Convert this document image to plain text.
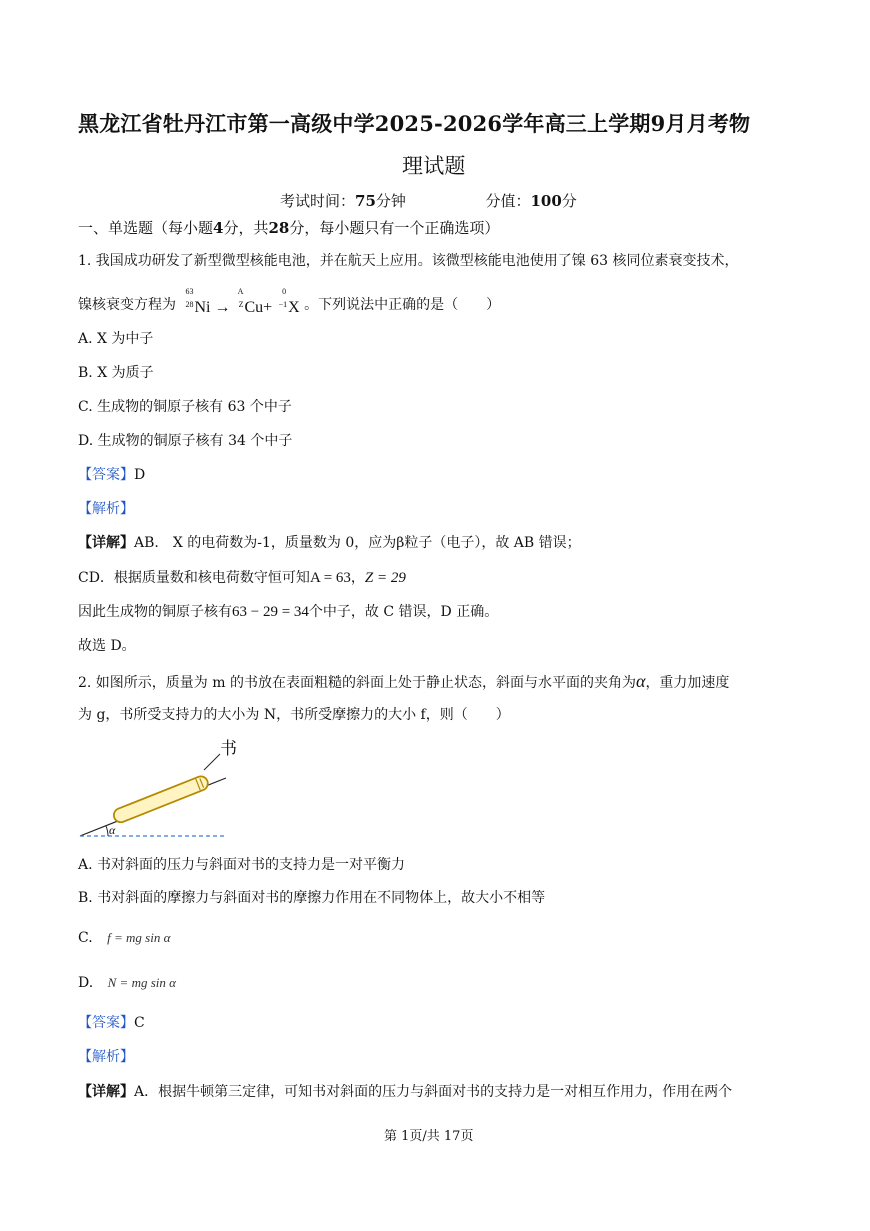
黑龙江省牡丹江市第一高级中学2025-2026学年高三上学期9月月考物
理试题
考试时间：75分钟	分值：100分
一、单选题（每小题4分，共28分，每小题只有一个正确选项）
1. 我国成功研发了新型微型核能电池，并在航天上应用。该微型核能电池使用了镍 63 核同位素衰变技术，
镍核衰变方程为
63
28 Ni →
A
Z Cu+
0
−1 X 。下列说法中正确的是（　　）
A. X 为中子
B. X 为质子
C. 生成物的铜原子核有 63 个中子
D. 生成物的铜原子核有 34 个中子
【答案】D
【解析】
【详解】AB.　X 的电荷数为-1，质量数为 0，应为β粒子（电子），故 AB 错误；
CD．根据质量数和核电荷数守恒可知A = 63，Z = 29
因此生成物的铜原子核有63 − 29 = 34个中子，故 C 错误，D 正确。
故选 D。
2. 如图所示，质量为 m 的书放在表面粗糙的斜面上处于静止状态，斜面与水平面的夹角为α，重力加速度
为 g，书所受支持力的大小为 N，书所受摩擦力的大小 f，则（　　）
书
α
A. 书对斜面的压力与斜面对书的支持力是一对平衡力
B. 书对斜面的摩擦力与斜面对书的摩擦力作用在不同物体上，故大小不相等
C. f = mg sin α
D. N = mg sin α
【答案】C
【解析】
【详解】A．根据牛顿第三定律，可知书对斜面的压力与斜面对书的支持力是一对相互作用力，作用在两个
第 1页/共 17页
